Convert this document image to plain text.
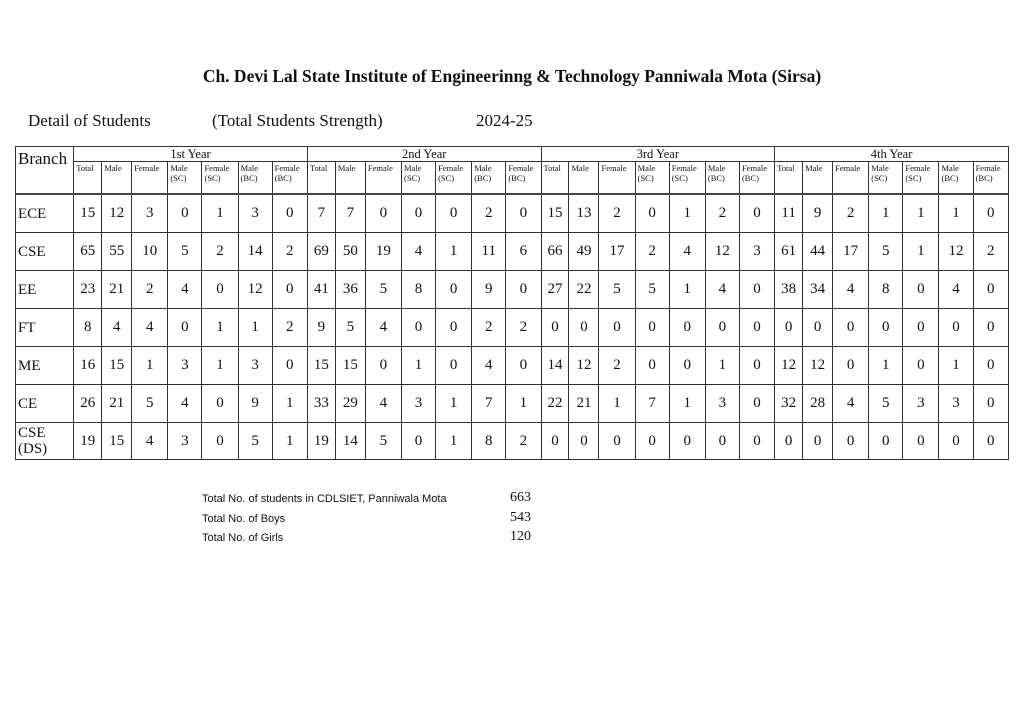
Ch. Devi Lal State Institute of Engineerinng & Technology Panniwala Mota (Sirsa)
Detail of Students	(Total Students Strength)	2024-25
Branch	1st Year							2nd Year							3rd Year							4th Year						
	Total	Male	Female	Male (SC)	Female (SC)	Male (BC)	Female (BC)	Total	Male	Female	Male (SC)	Female (SC)	Male (BC)	Female (BC)	Total	Male	Female	Male (SC)	Female (SC)	Male (BC)	Female (BC)	Total	Male	Female	Male (SC)	Female (SC)	Male (BC)	Female (BC)
ECE	15	12	3	0	1	3	0	7	7	0	0	0	2	0	15	13	2	0	1	2	0	11	9	2	1	1	1	0
CSE	65	55	10	5	2	14	2	69	50	19	4	1	11	6	66	49	17	2	4	12	3	61	44	17	5	1	12	2
EE	23	21	2	4	0	12	0	41	36	5	8	0	9	0	27	22	5	5	1	4	0	38	34	4	8	0	4	0
FT	8	4	4	0	1	1	2	9	5	4	0	0	2	2	0	0	0	0	0	0	0	0	0	0	0	0	0	0
ME	16	15	1	3	1	3	0	15	15	0	1	0	4	0	14	12	2	0	0	1	0	12	12	0	1	0	1	0
CE	26	21	5	4	0	9	1	33	29	4	3	1	7	1	22	21	1	7	1	3	0	32	28	4	5	3	3	0
CSE (DS)	19	15	4	3	0	5	1	19	14	5	0	1	8	2	0	0	0	0	0	0	0	0	0	0	0	0	0	0
Total No. of students in CDLSIET, Panniwala Mota	663
Total No. of Boys	543
Total No. of Girls	120
